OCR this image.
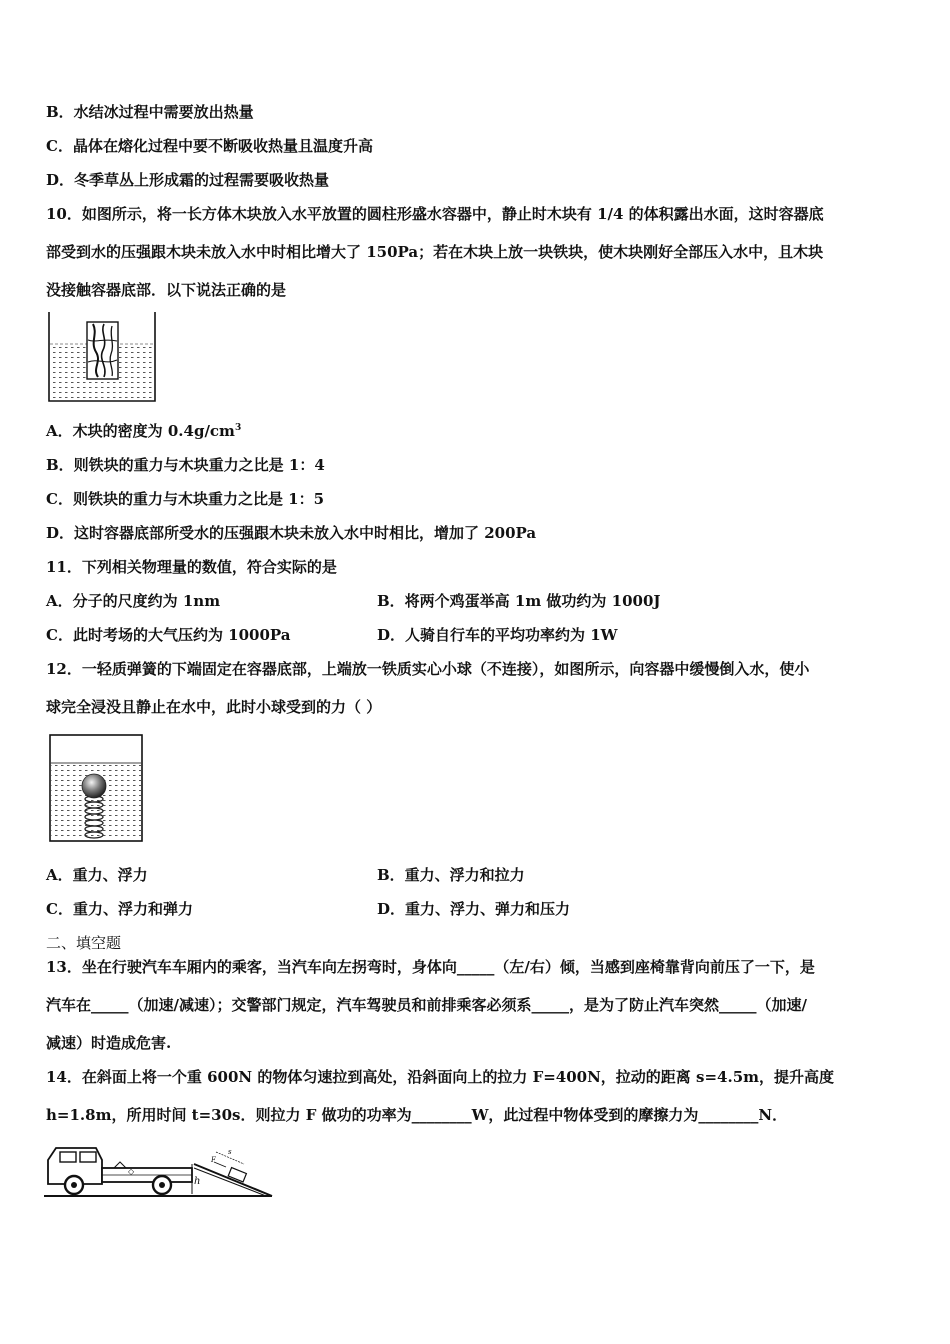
B．水结冰过程中需要放出热量
C．晶体在熔化过程中要不断吸收热量且温度升高
D．冬季草丛上形成霜的过程需要吸收热量
10．如图所示，将一长方体木块放入水平放置的圆柱形盛水容器中，静止时木块有 1/4 的体积露出水面，这时容器底
部受到水的压强跟木块未放入水中时相比增大了 150Pa；若在木块上放一块铁块，使木块刚好全部压入水中，且木块
没接触容器底部．以下说法正确的是
A．木块的密度为 $0.4g/cm^3$
B．则铁块的重力与木块重力之比是 1：4
C．则铁块的重力与木块重力之比是 1：5
D．这时容器底部所受水的压强跟木块未放入水中时相比，增加了 200Pa
11．下列相关物理量的数值，符合实际的是
A．分子的尺度约为 1nm	B．将两个鸡蛋举高 1m 做功约为 1000J
C．此时考场的大气压约为 1000Pa	D．人骑自行车的平均功率约为 1W
12．一轻质弹簧的下端固定在容器底部，上端放一铁质实心小球（不连接），如图所示，向容器中缓慢倒入水，使小
球完全浸没且静止在水中，此时小球受到的力（ ）
A．重力、浮力	B．重力、浮力和拉力
C．重力、浮力和弹力	D．重力、浮力、弹力和压力
二、填空题
13．坐在行驶汽车车厢内的乘客，当汽车向左拐弯时，身体向_____（左/右）倾，当感到座椅靠背向前压了一下，是
汽车在_____（加速/减速）；交警部门规定，汽车驾驶员和前排乘客必须系_____，是为了防止汽车突然_____（加速/
减速）时造成危害.
14．在斜面上将一个重 600N 的物体匀速拉到高处，沿斜面向上的拉力 F=400N，拉动的距离 s=4.5m，提升高度
h=1.8m，所用时间 t=30s．则拉力 F 做功的功率为________W，此过程中物体受到的摩擦力为________N．
◇
h
F
s
